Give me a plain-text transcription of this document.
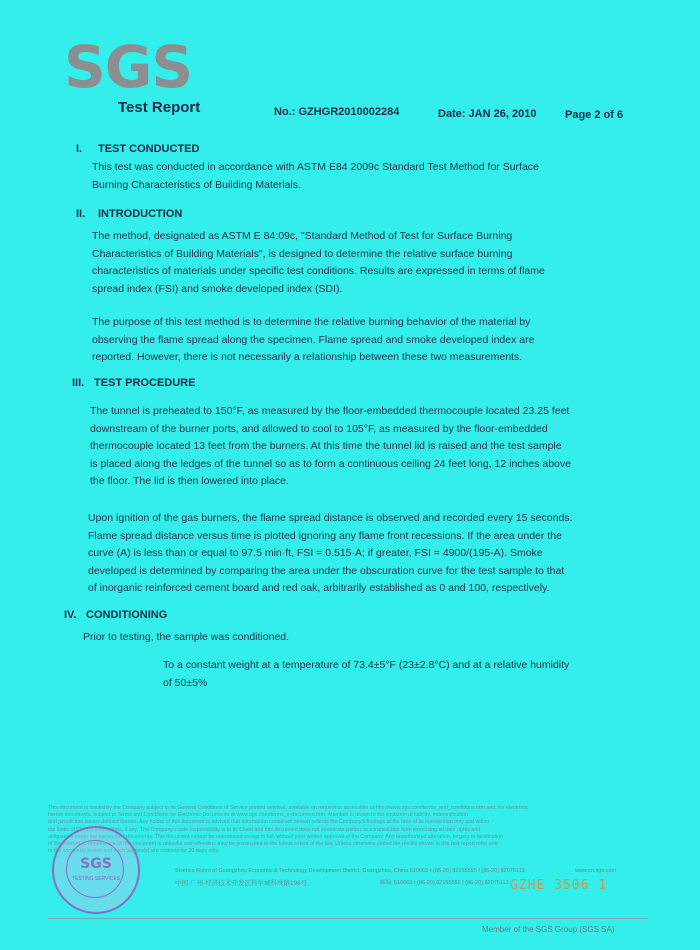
SGS
Test Report	No.: GZHGR2010002284	Date: JAN 26, 2010	Page 2 of 6
I. TEST CONDUCTED
This test was conducted in accordance with ASTM E84 2009c Standard Test Method for Surface
Burning Characteristics of Building Materials.
II. INTRODUCTION
The method, designated as ASTM E 84:09c, "Standard Method of Test for Surface Burning
Characteristics of Building Materials", is designed to determine the relative surface burning
characteristics of materials under specific test conditions. Results are expressed in terms of flame
spread index (FSI) and smoke developed index (SDI).
The purpose of this test method is to determine the relative burning behavior of the material by
observing the flame spread along the specimen. Flame spread and smoke developed index are
reported. However, there is not necessarily a relationship between these two measurements.
III. TEST PROCEDURE
The tunnel is preheated to 150°F, as measured by the floor-embedded thermocouple located 23.25 feet
downstream of the burner ports, and allowed to cool to 105°F, as measured by the floor-embedded
thermocouple located 13 feet from the burners. At this time the tunnel lid is raised and the test sample
is placed along the ledges of the tunnel so as to form a continuous ceiling 24 feet long, 12 inches above
the floor. The lid is then lowered into place.
Upon ignition of the gas burners, the flame spread distance is observed and recorded every 15 seconds.
Flame spread distance versus time is plotted ignoring any flame front recessions. If the area under the
curve (A) is less than or equal to 97.5 min·ft, FSI = 0.515·A; if greater, FSI = 4900/(195-A). Smoke
developed is determined by comparing the area under the obscuration curve for the test sample to that
of inorganic reinforced cement board and red oak, arbitrarily established as 0 and 100, respectively.
IV. CONDITIONING
Prior to testing, the sample was conditioned.
To a constant weight at a temperature of 73.4±5°F (23±2.8°C) and at a relative humidity
of 50±5%
This document is issued by the Company subject to its General Conditions of Service printed overleaf, available on request or accessible at http://www.sgs.com/terms_and_conditions.htm and, for electronic
format documents, subject to Terms and Conditions for Electronic Documents at www.sgs.com/terms_e-document.htm. Attention is drawn to the limitation of liability, indemnification
and jurisdiction issues defined therein. Any holder of this document is advised that information contained hereon reflects the Company's findings at the time of its intervention only and within
the limits of Client's instructions, if any. The Company's sole responsibility is to its Client and this document does not exonerate parties to a transaction from exercising all their rights and
obligations under the transaction documents. This document cannot be reproduced except in full, without prior written approval of the Company. Any unauthorized alteration, forgery or falsification
of the content or appearance of this document is unlawful and offenders may be prosecuted to the fullest extent of the law. Unless otherwise stated the results shown in this test report refer only
to the sample(s) tested and such sample(s) are retained for 30 days only.
SGS
TESTING SERVICES
Science Room of Guangzhou Economic & Technology Development District, Guangzhou, China 510663
中国·广州·经济技术开发区科学城科珠路198号
t (86-20) 82155555 f (86-20) 82075113
邮编: 510663 t (86-20) 82155555 f (86-20) 82075113
www.cn.sgs.com
GZHE 3506 1
Member of the SGS Group (SGS SA)
